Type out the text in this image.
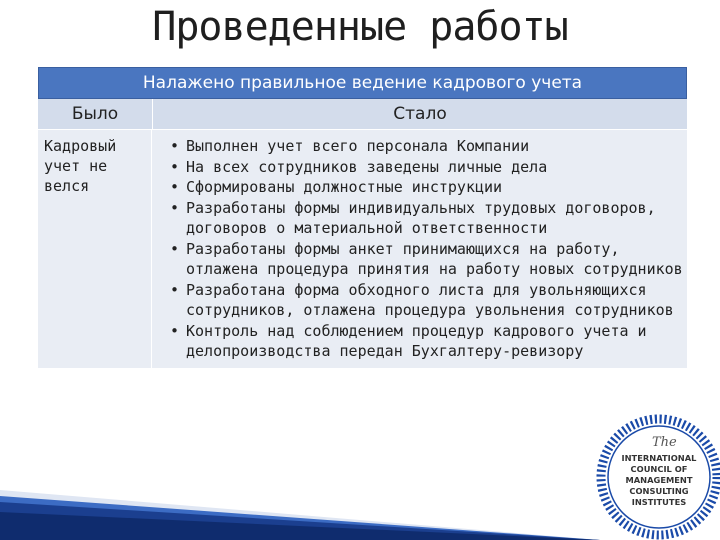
Проведенные работы
Налажено правильное ведение кадрового учета
Было	Стало
Кадровый учет не велся
• Выполнен учет всего персонала Компании
• На всех сотрудников заведены личные дела
• Сформированы должностные инструкции
• Разработаны формы индивидуальных трудовых договоров, договоров о материальной ответственности
• Разработаны формы анкет принимающихся на работу, отлажена процедура принятия на работу новых сотрудников
• Разработана форма обходного листа для увольняющихся сотрудников, отлажена процедура увольнения сотрудников
• Контроль над соблюдением процедур кадрового учета и делопроизводства передан Бухгалтеру-ревизору
The
INTERNATIONAL
COUNCIL OF
MANAGEMENT
CONSULTING
INSTITUTES
